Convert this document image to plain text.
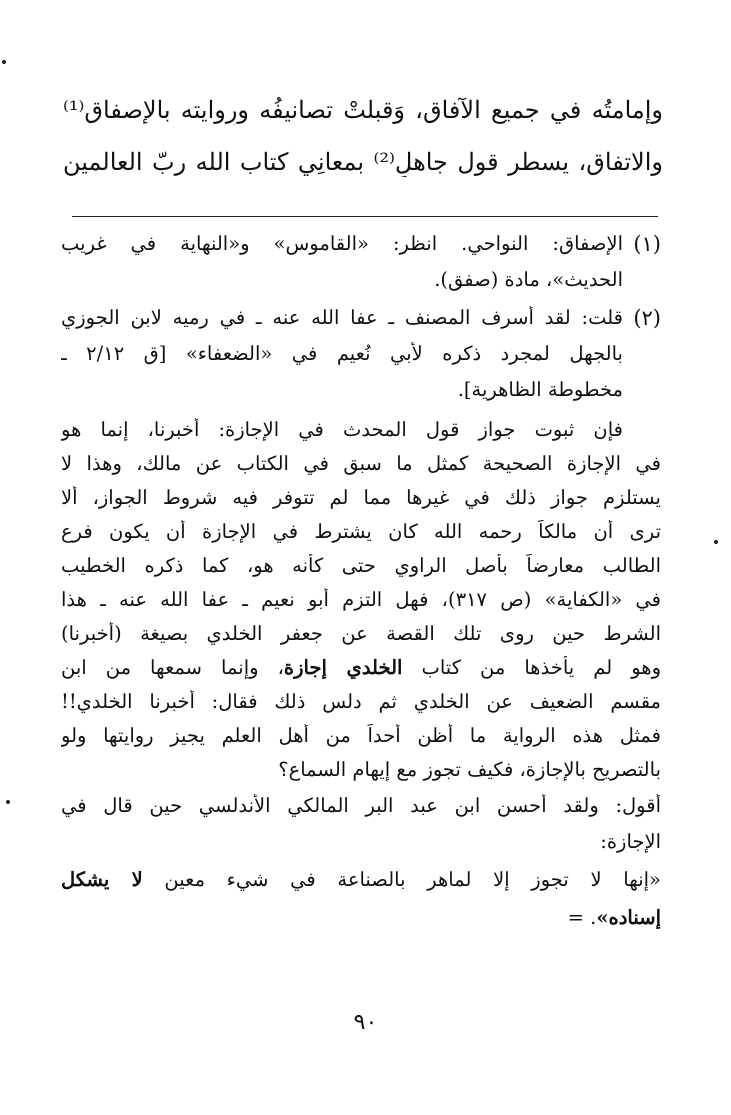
وإمامتُه في جميع الآفاق، وَقبلتْ تصانيفُه ورِوايته بالإصفاق⁽¹⁾
والاتفاق، يسطر قول جاهلٍ⁽²⁾ بمعانِي كتاب الله ربّ العالمين
(١)
الإصفاق: النواحي. انظر: «القاموس» و«النهاية في غريب
الحديث»، مادة (صفق).
(٢)
قلت: لقد أسرف المصنف ـ عفا الله عنه ـ في رميه لابن الجوزي
بالجهل لمجرد ذكره لأبي نُعيم في «الضعفاء» [ق ٢/١٢ ـ
مخطوطة الظاهرية].
فإن ثبوت جواز قول المحدث في الإجازة: أخبرنا، إنما هو
في الإجازة الصحيحة كمثل ما سبق في الكتاب عن مالك، وهذا لا
يستلزم جواز ذلك في غيرها مما لم تتوفر فيه شروط الجواز، ألا
ترى أن مالكاً رحمه الله كان يشترط في الإجازة أن يكون فرع
الطالب معارضاً بأصل الراوي حتى كأنه هو، كما ذكره الخطيب
في «الكفاية» (ص ٣١٧)، فهل التزم أبو نعيم ـ عفا الله عنه ـ هذا
الشرط حين روى تلك القصة عن جعفر الخلدي بصيغة (أخبرنا)
وهو لم يأخذها من كتاب الخلدي إجازة، وإنما سمعها من ابن
مقسم الضعيف عن الخلدي ثم دلس ذلك فقال: أخبرنا الخلدي!!
فمثل هذه الرواية ما أظن أحداً من أهل العلم يجيز روايتها ولو
بالتصريح بالإجازة، فكيف تجوز مع إيهام السماع؟
أقول: ولقد أحسن ابن عبد البر المالكي الأندلسي حين قال في
الإجازة:
«إنها لا تجوز إلا لماهر بالصناعة في شيء معين لا يشكل
إسناده». =
٩٠
